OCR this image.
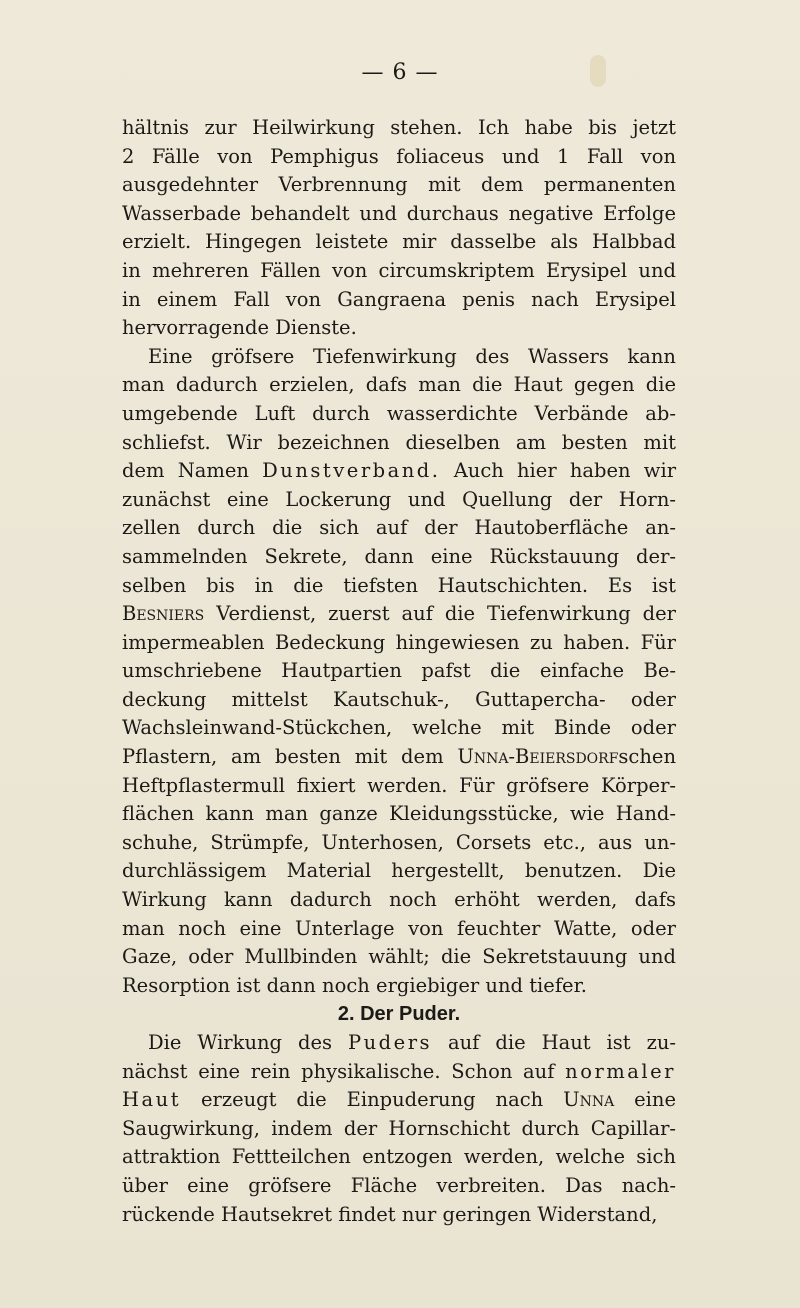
— 6 —
hältnis zur Heilwirkung stehen. Ich habe bis jetzt
2 Fälle von Pemphigus foliaceus und 1 Fall von
ausgedehnter Verbrennung mit dem permanenten
Wasserbade behandelt und durchaus negative Erfolge
erzielt. Hingegen leistete mir dasselbe als Halbbad
in mehreren Fällen von circumskriptem Erysipel und
in einem Fall von Gangraena penis nach Erysipel
hervorragende Dienste.
Eine gröfsere Tiefenwirkung des Wassers kann
man dadurch erzielen, dafs man die Haut gegen die
umgebende Luft durch wasserdichte Verbände ab-
schliefst. Wir bezeichnen dieselben am besten mit
dem Namen Dunstverband. Auch hier haben wir
zunächst eine Lockerung und Quellung der Horn-
zellen durch die sich auf der Hautoberfläche an-
sammelnden Sekrete, dann eine Rückstauung der-
selben bis in die tiefsten Hautschichten. Es ist
Besniers Verdienst, zuerst auf die Tiefenwirkung der
impermeablen Bedeckung hingewiesen zu haben. Für
umschriebene Hautpartien pafst die einfache Be-
deckung mittelst Kautschuk-, Guttapercha- oder
Wachsleinwand-Stückchen, welche mit Binde oder
Pflastern, am besten mit dem Unna-Beiersdorfschen
Heftpflastermull fixiert werden. Für gröfsere Körper-
flächen kann man ganze Kleidungsstücke, wie Hand-
schuhe, Strümpfe, Unterhosen, Corsets etc., aus un-
durchlässigem Material hergestellt, benutzen. Die
Wirkung kann dadurch noch erhöht werden, dafs
man noch eine Unterlage von feuchter Watte, oder
Gaze, oder Mullbinden wählt; die Sekretstauung und
Resorption ist dann noch ergiebiger und tiefer.
2. Der Puder.
Die Wirkung des Puders auf die Haut ist zu-
nächst eine rein physikalische. Schon auf normaler
Haut erzeugt die Einpuderung nach Unna eine
Saugwirkung, indem der Hornschicht durch Capillar-
attraktion Fettteilchen entzogen werden, welche sich
über eine gröfsere Fläche verbreiten. Das nach-
rückende Hautsekret findet nur geringen Widerstand,
